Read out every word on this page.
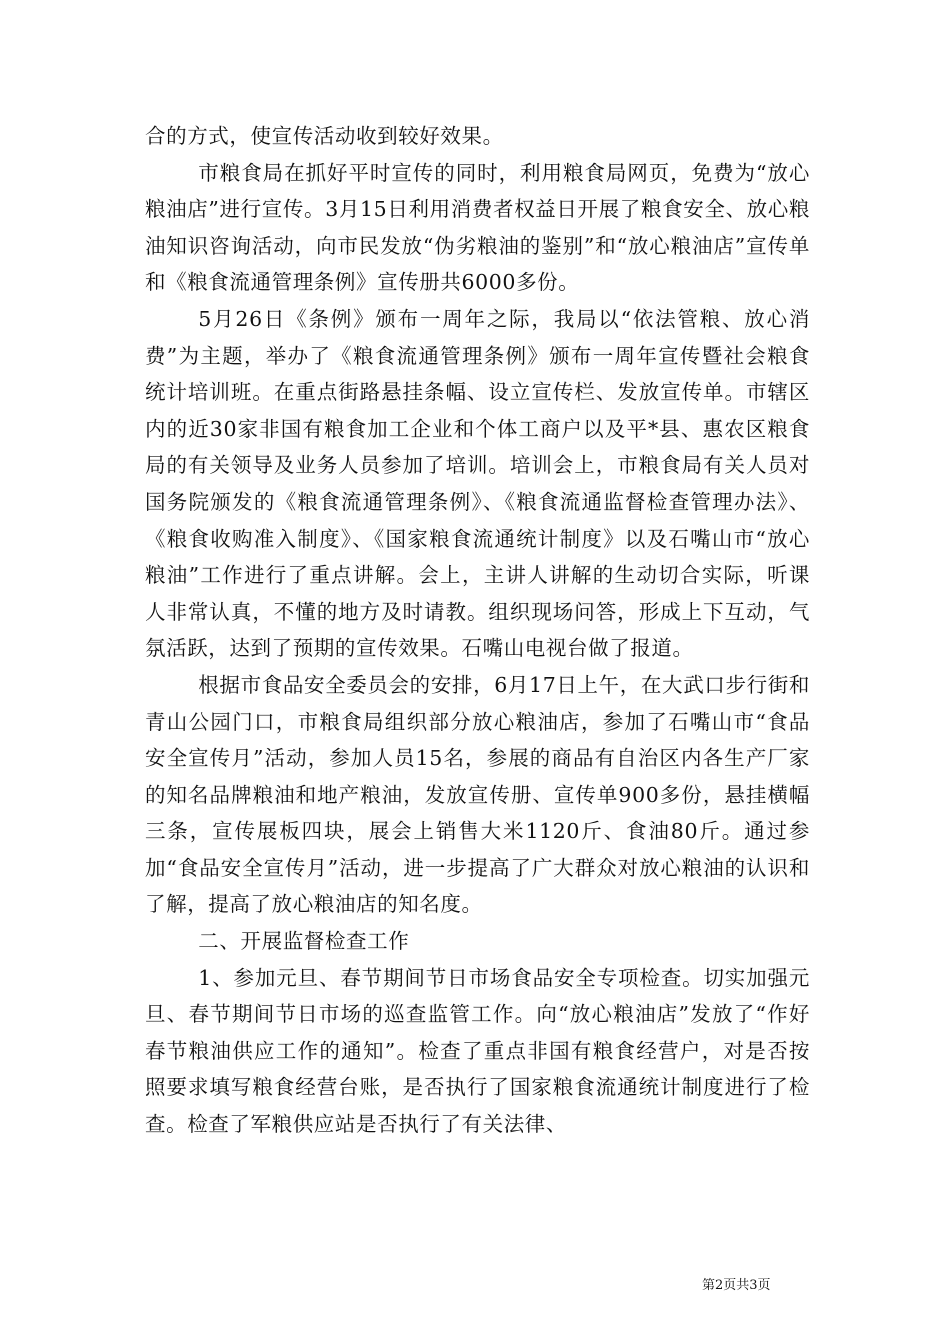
合的方式，使宣传活动收到较好效果。

市粮食局在抓好平时宣传的同时，利用粮食局网页，免费为“放心粮油店”进行宣传。3月15日利用消费者权益日开展了粮食安全、放心粮油知识咨询活动，向市民发放“伪劣粮油的鉴别”和“放心粮油店”宣传单和《粮食流通管理条例》宣传册共6000多份。

5月26日《条例》颁布一周年之际，我局以“依法管粮、放心消费”为主题，举办了《粮食流通管理条例》颁布一周年宣传暨社会粮食统计培训班。在重点街路悬挂条幅、设立宣传栏、发放宣传单。市辖区内的近30家非国有粮食加工企业和个体工商户以及平*县、惠农区粮食局的有关领导及业务人员参加了培训。培训会上，市粮食局有关人员对国务院颁发的《粮食流通管理条例》、《粮食流通监督检查管理办法》、《粮食收购准入制度》、《国家粮食流通统计制度》以及石嘴山市“放心粮油”工作进行了重点讲解。会上，主讲人讲解的生动切合实际，听课人非常认真，不懂的地方及时请教。组织现场问答，形成上下互动，气氛活跃，达到了预期的宣传效果。石嘴山电视台做了报道。

根据市食品安全委员会的安排，6月17日上午，在大武口步行街和青山公园门口，市粮食局组织部分放心粮油店，参加了石嘴山市“食品安全宣传月”活动，参加人员15名，参展的商品有自治区内各生产厂家的知名品牌粮油和地产粮油，发放宣传册、宣传单900多份，悬挂横幅三条，宣传展板四块，展会上销售大米1120斤、食油80斤。通过参加“食品安全宣传月”活动，进一步提高了广大群众对放心粮油的认识和了解，提高了放心粮油店的知名度。

二、开展监督检查工作

1、参加元旦、春节期间节日市场食品安全专项检查。切实加强元旦、春节期间节日市场的巡查监管工作。向“放心粮油店”发放了“作好春节粮油供应工作的通知”。检查了重点非国有粮食经营户，对是否按照要求填写粮食经营台账，是否执行了国家粮食流通统计制度进行了检查。检查了军粮供应站是否执行了有关法律、

第2页共3页
